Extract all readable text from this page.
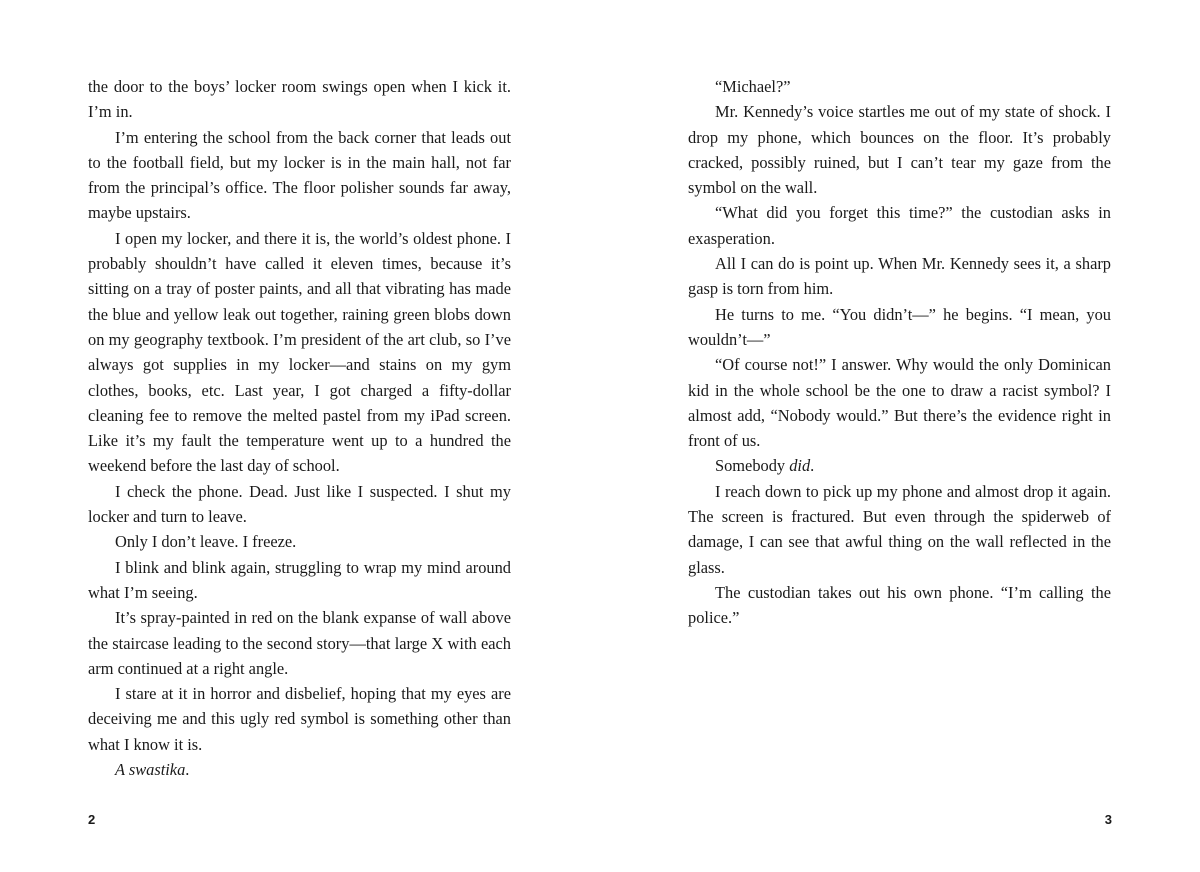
the door to the boys’ locker room swings open when I kick it. I’m in.

I’m entering the school from the back corner that leads out to the football field, but my locker is in the main hall, not far from the principal’s office. The floor polisher sounds far away, maybe upstairs.

I open my locker, and there it is, the world’s oldest phone. I probably shouldn’t have called it eleven times, because it’s sitting on a tray of poster paints, and all that vibrating has made the blue and yellow leak out together, raining green blobs down on my geography textbook. I’m president of the art club, so I’ve always got supplies in my locker—and stains on my gym clothes, books, etc. Last year, I got charged a fifty-dollar cleaning fee to remove the melted pastel from my iPad screen. Like it’s my fault the temperature went up to a hundred the weekend before the last day of school.

I check the phone. Dead. Just like I suspected. I shut my locker and turn to leave.

Only I don’t leave. I freeze.

I blink and blink again, struggling to wrap my mind around what I’m seeing.

It’s spray-painted in red on the blank expanse of wall above the staircase leading to the second story—that large X with each arm continued at a right angle.

I stare at it in horror and disbelief, hoping that my eyes are deceiving me and this ugly red symbol is something other than what I know it is.

A swastika.

2

“Michael?”

Mr. Kennedy’s voice startles me out of my state of shock. I drop my phone, which bounces on the floor. It’s probably cracked, possibly ruined, but I can’t tear my gaze from the symbol on the wall.

“What did you forget this time?” the custodian asks in exasperation.

All I can do is point up. When Mr. Kennedy sees it, a sharp gasp is torn from him.

He turns to me. “You didn’t—” he begins. “I mean, you wouldn’t—”

“Of course not!” I answer. Why would the only Dominican kid in the whole school be the one to draw a racist symbol? I almost add, “Nobody would.” But there’s the evidence right in front of us.

Somebody did.

I reach down to pick up my phone and almost drop it again. The screen is fractured. But even through the spiderweb of damage, I can see that awful thing on the wall reflected in the glass.

The custodian takes out his own phone. “I’m calling the police.”

3
